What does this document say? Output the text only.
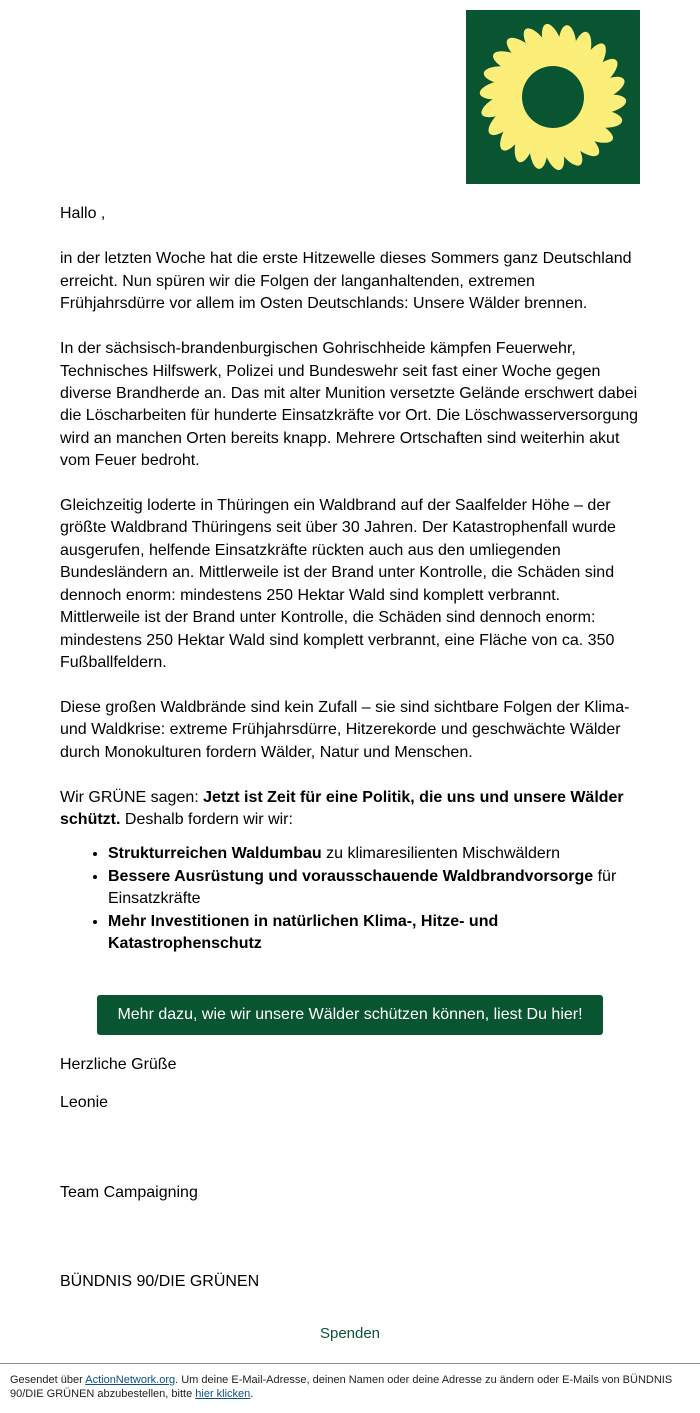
Hallo ,

in der letzten Woche hat die erste Hitzewelle dieses Sommers ganz Deutschland erreicht. Nun spüren wir die Folgen der langanhaltenden, extremen Frühjahrsdürre vor allem im Osten Deutschlands: Unsere Wälder brennen.

In der sächsisch-brandenburgischen Gohrischheide kämpfen Feuerwehr, Technisches Hilfswerk, Polizei und Bundeswehr seit fast einer Woche gegen diverse Brandherde an. Das mit alter Munition versetzte Gelände erschwert dabei die Löscharbeiten für hunderte Einsatzkräfte vor Ort. Die Löschwasserversorgung wird an manchen Orten bereits knapp. Mehrere Ortschaften sind weiterhin akut vom Feuer bedroht.

Gleichzeitig loderte in Thüringen ein Waldbrand auf der Saalfelder Höhe – der größte Waldbrand Thüringens seit über 30 Jahren. Der Katastrophenfall wurde ausgerufen, helfende Einsatzkräfte rückten auch aus den umliegenden Bundesländern an. Mittlerweile ist der Brand unter Kontrolle, die Schäden sind dennoch enorm: mindestens 250 Hektar Wald sind komplett verbrannt. Mittlerweile ist der Brand unter Kontrolle, die Schäden sind dennoch enorm: mindestens 250 Hektar Wald sind komplett verbrannt, eine Fläche von ca. 350 Fußballfeldern.

Diese großen Waldbrände sind kein Zufall – sie sind sichtbare Folgen der Klima- und Waldkrise: extreme Frühjahrsdürre, Hitzerekorde und geschwächte Wälder durch Monokulturen fordern Wälder, Natur und Menschen.

Wir GRÜNE sagen: Jetzt ist Zeit für eine Politik, die uns und unsere Wälder schützt. Deshalb fordern wir wir:

• Strukturreichen Waldumbau zu klimaresilienten Mischwäldern
• Bessere Ausrüstung und vorausschauende Waldbrandvorsorge für Einsatzkräfte
• Mehr Investitionen in natürlichen Klima-, Hitze- und Katastrophenschutz
Mehr dazu, wie wir unsere Wälder schützen können, liest Du hier!

Herzliche Grüße

Leonie

Team Campaigning

BÜNDNIS 90/DIE GRÜNEN

Spenden
Gesendet über ActionNetwork.org. Um deine E-Mail-Adresse, deinen Namen oder deine Adresse zu ändern oder E-Mails von BÜNDNIS 90/DIE GRÜNEN abzubestellen, bitte hier klicken.
